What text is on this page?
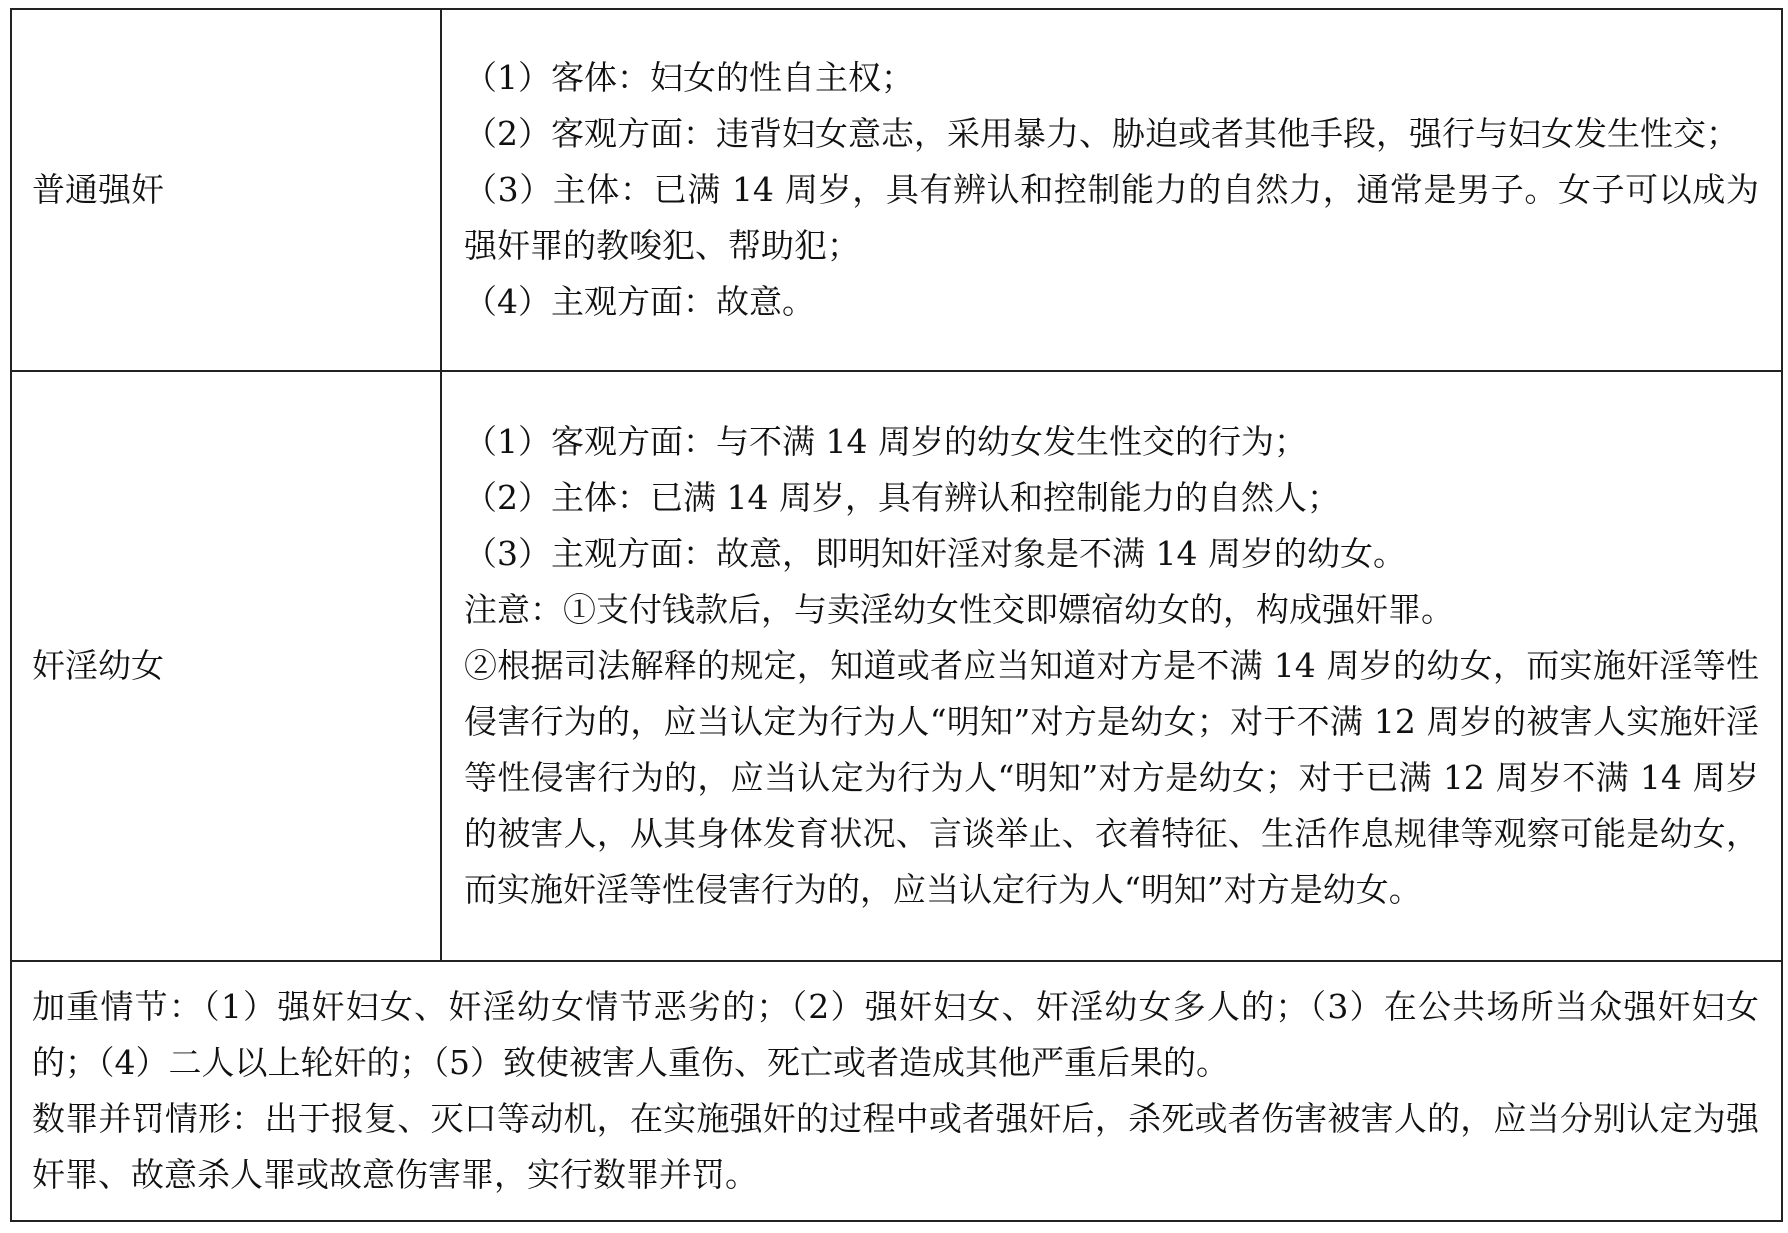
普通强奸	（1）客体：妇女的性自主权；
（2）客观方面：违背妇女意志，采用暴力、胁迫或者其他手段，强行与妇女发生性交；
（3）主体：已满 14 周岁，具有辨认和控制能力的自然力，通常是男子。女子可以成为强奸罪的教唆犯、帮助犯；
（4）主观方面：故意。

奸淫幼女	（1）客观方面：与不满 14 周岁的幼女发生性交的行为；
（2）主体：已满 14 周岁，具有辨认和控制能力的自然人；
（3）主观方面：故意，即明知奸淫对象是不满 14 周岁的幼女。
注意：①支付钱款后，与卖淫幼女性交即嫖宿幼女的，构成强奸罪。
②根据司法解释的规定，知道或者应当知道对方是不满 14 周岁的幼女，而实施奸淫等性侵害行为的，应当认定为行为人“明知”对方是幼女；对于不满 12 周岁的被害人实施奸淫等性侵害行为的，应当认定为行为人“明知”对方是幼女；对于已满 12 周岁不满 14 周岁的被害人，从其身体发育状况、言谈举止、衣着特征、生活作息规律等观察可能是幼女，而实施奸淫等性侵害行为的，应当认定行为人“明知”对方是幼女。

加重情节：（1）强奸妇女、奸淫幼女情节恶劣的；（2）强奸妇女、奸淫幼女多人的；（3）在公共场所当众强奸妇女的；（4）二人以上轮奸的；（5）致使被害人重伤、死亡或者造成其他严重后果的。
数罪并罚情形：出于报复、灭口等动机，在实施强奸的过程中或者强奸后，杀死或者伤害被害人的，应当分别认定为强奸罪、故意杀人罪或故意伤害罪，实行数罪并罚。	
